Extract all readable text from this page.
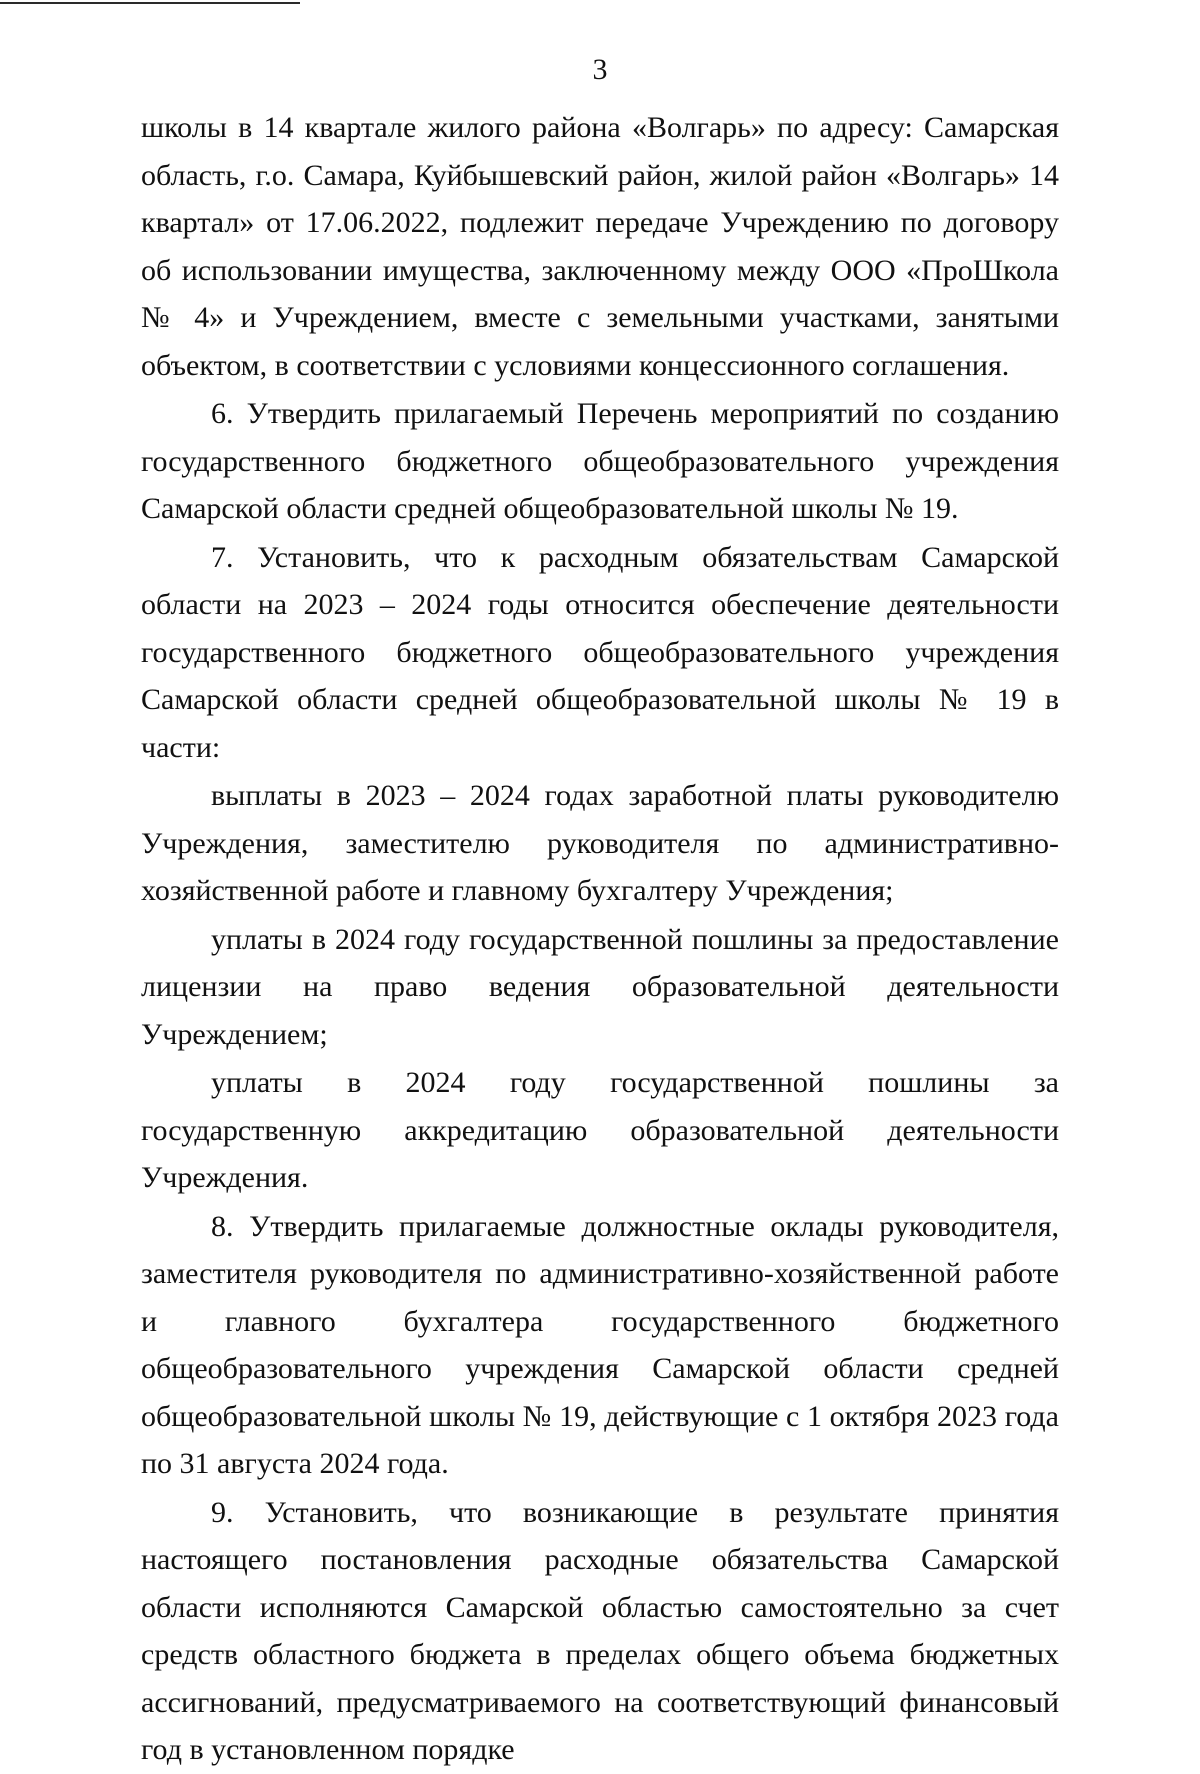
3

школы в 14 квартале жилого района «Волгарь» по адресу: Самарская область, г.о. Самара, Куйбышевский район, жилой район «Волгарь» 14 квартал» от 17.06.2022, подлежит передаче Учреждению по договору об использовании имущества, заключенному между ООО «ПроШкола № 4» и Учреждением, вместе с земельными участками, занятыми объектом, в соответствии с условиями концессионного соглашения.

6. Утвердить прилагаемый Перечень мероприятий по созданию государственного бюджетного общеобразовательного учреждения Самарской области средней общеобразовательной школы № 19.

7. Установить, что к расходным обязательствам Самарской области на 2023 – 2024 годы относится обеспечение деятельности государственного бюджетного общеобразовательного учреждения Самарской области средней общеобразовательной школы № 19 в части:

выплаты в 2023 – 2024 годах заработной платы руководителю Учреждения, заместителю руководителя по административно-хозяйственной работе и главному бухгалтеру Учреждения;

уплаты в 2024 году государственной пошлины за предоставление лицензии на право ведения образовательной деятельности Учреждением;

уплаты в 2024 году государственной пошлины за государственную аккредитацию образовательной деятельности Учреждения.

8. Утвердить прилагаемые должностные оклады руководителя, заместителя руководителя по административно-хозяйственной работе и главного бухгалтера государственного бюджетного общеобразовательного учреждения Самарской области средней общеобразовательной школы № 19, действующие с 1 октября 2023 года по 31 августа 2024 года.

9. Установить, что возникающие в результате принятия настоящего постановления расходные обязательства Самарской области исполняются Самарской областью самостоятельно за счет средств областного бюджета в пределах общего объема бюджетных ассигнований, предусматриваемого на соответствующий финансовый год в установленном порядке
